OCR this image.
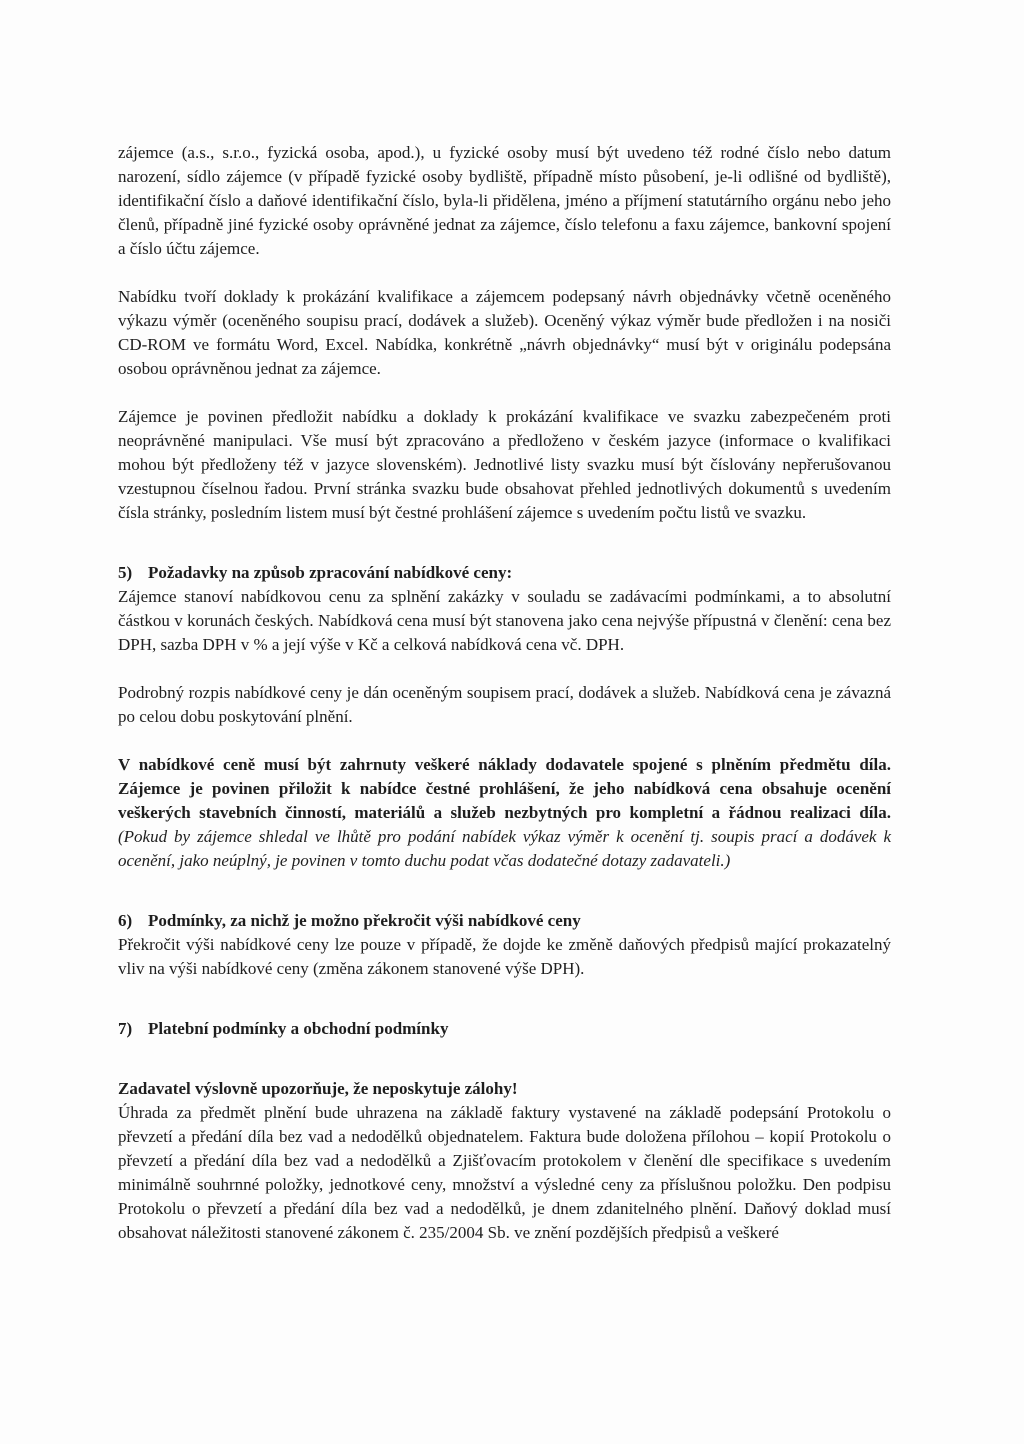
zájemce (a.s., s.r.o., fyzická osoba, apod.), u fyzické osoby musí být uvedeno též rodné číslo nebo datum narození, sídlo zájemce (v případě fyzické osoby bydliště, případně místo působení, je-li odlišné od bydliště), identifikační číslo a daňové identifikační číslo, byla-li přidělena, jméno a příjmení statutárního orgánu nebo jeho členů, případně jiné fyzické osoby oprávněné jednat za zájemce, číslo telefonu a faxu zájemce, bankovní spojení a číslo účtu zájemce.

Nabídku tvoří doklady k prokázání kvalifikace a zájemcem podepsaný návrh objednávky včetně oceněného výkazu výměr (oceněného soupisu prací, dodávek a služeb). Oceněný výkaz výměr bude předložen i na nosiči CD-ROM ve formátu Word, Excel. Nabídka, konkrétně „návrh objednávky“ musí být v originálu podepsána osobou oprávněnou jednat za zájemce.

Zájemce je povinen předložit nabídku a doklady k prokázání kvalifikace ve svazku zabezpečeném proti neoprávněné manipulaci. Vše musí být zpracováno a předloženo v českém jazyce (informace o kvalifikaci mohou být předloženy též v jazyce slovenském). Jednotlivé listy svazku musí být číslovány nepřerušovanou vzestupnou číselnou řadou. První stránka svazku bude obsahovat přehled jednotlivých dokumentů s uvedením čísla stránky, posledním listem musí být čestné prohlášení zájemce s uvedením počtu listů ve svazku.

5) Požadavky na způsob zpracování nabídkové ceny:

Zájemce stanoví nabídkovou cenu za splnění zakázky v souladu se zadávacími podmínkami, a to absolutní částkou v korunách českých. Nabídková cena musí být stanovena jako cena nejvýše přípustná v členění: cena bez DPH, sazba DPH v % a její výše v Kč a celková nabídková cena vč. DPH.

Podrobný rozpis nabídkové ceny je dán oceněným soupisem prací, dodávek a služeb. Nabídková cena je závazná po celou dobu poskytování plnění.

V nabídkové ceně musí být zahrnuty veškeré náklady dodavatele spojené s plněním předmětu díla. Zájemce je povinen přiložit k nabídce čestné prohlášení, že jeho nabídková cena obsahuje ocenění veškerých stavebních činností, materiálů a služeb nezbytných pro kompletní a řádnou realizaci díla. (Pokud by zájemce shledal ve lhůtě pro podání nabídek výkaz výměr k ocenění tj. soupis prací a dodávek k ocenění, jako neúplný, je povinen v tomto duchu podat včas dodatečné dotazy zadavateli.)

6) Podmínky, za nichž je možno překročit výši nabídkové ceny

Překročit výši nabídkové ceny lze pouze v případě, že dojde ke změně daňových předpisů mající prokazatelný vliv na výši nabídkové ceny (změna zákonem stanovené výše DPH).

7) Platební podmínky a obchodní podmínky

Zadavatel výslovně upozorňuje, že neposkytuje zálohy!

Úhrada za předmět plnění bude uhrazena na základě faktury vystavené na základě podepsání Protokolu o převzetí a předání díla bez vad a nedodělků objednatelem. Faktura bude doložena přílohou – kopií Protokolu o převzetí a předání díla bez vad a nedodělků a Zjišťovacím protokolem v členění dle specifikace s uvedením minimálně souhrnné položky, jednotkové ceny, množství a výsledné ceny za příslušnou položku. Den podpisu Protokolu o převzetí a předání díla bez vad a nedodělků, je dnem zdanitelného plnění. Daňový doklad musí obsahovat náležitosti stanovené zákonem č. 235/2004 Sb. ve znění pozdějších předpisů a veškeré
